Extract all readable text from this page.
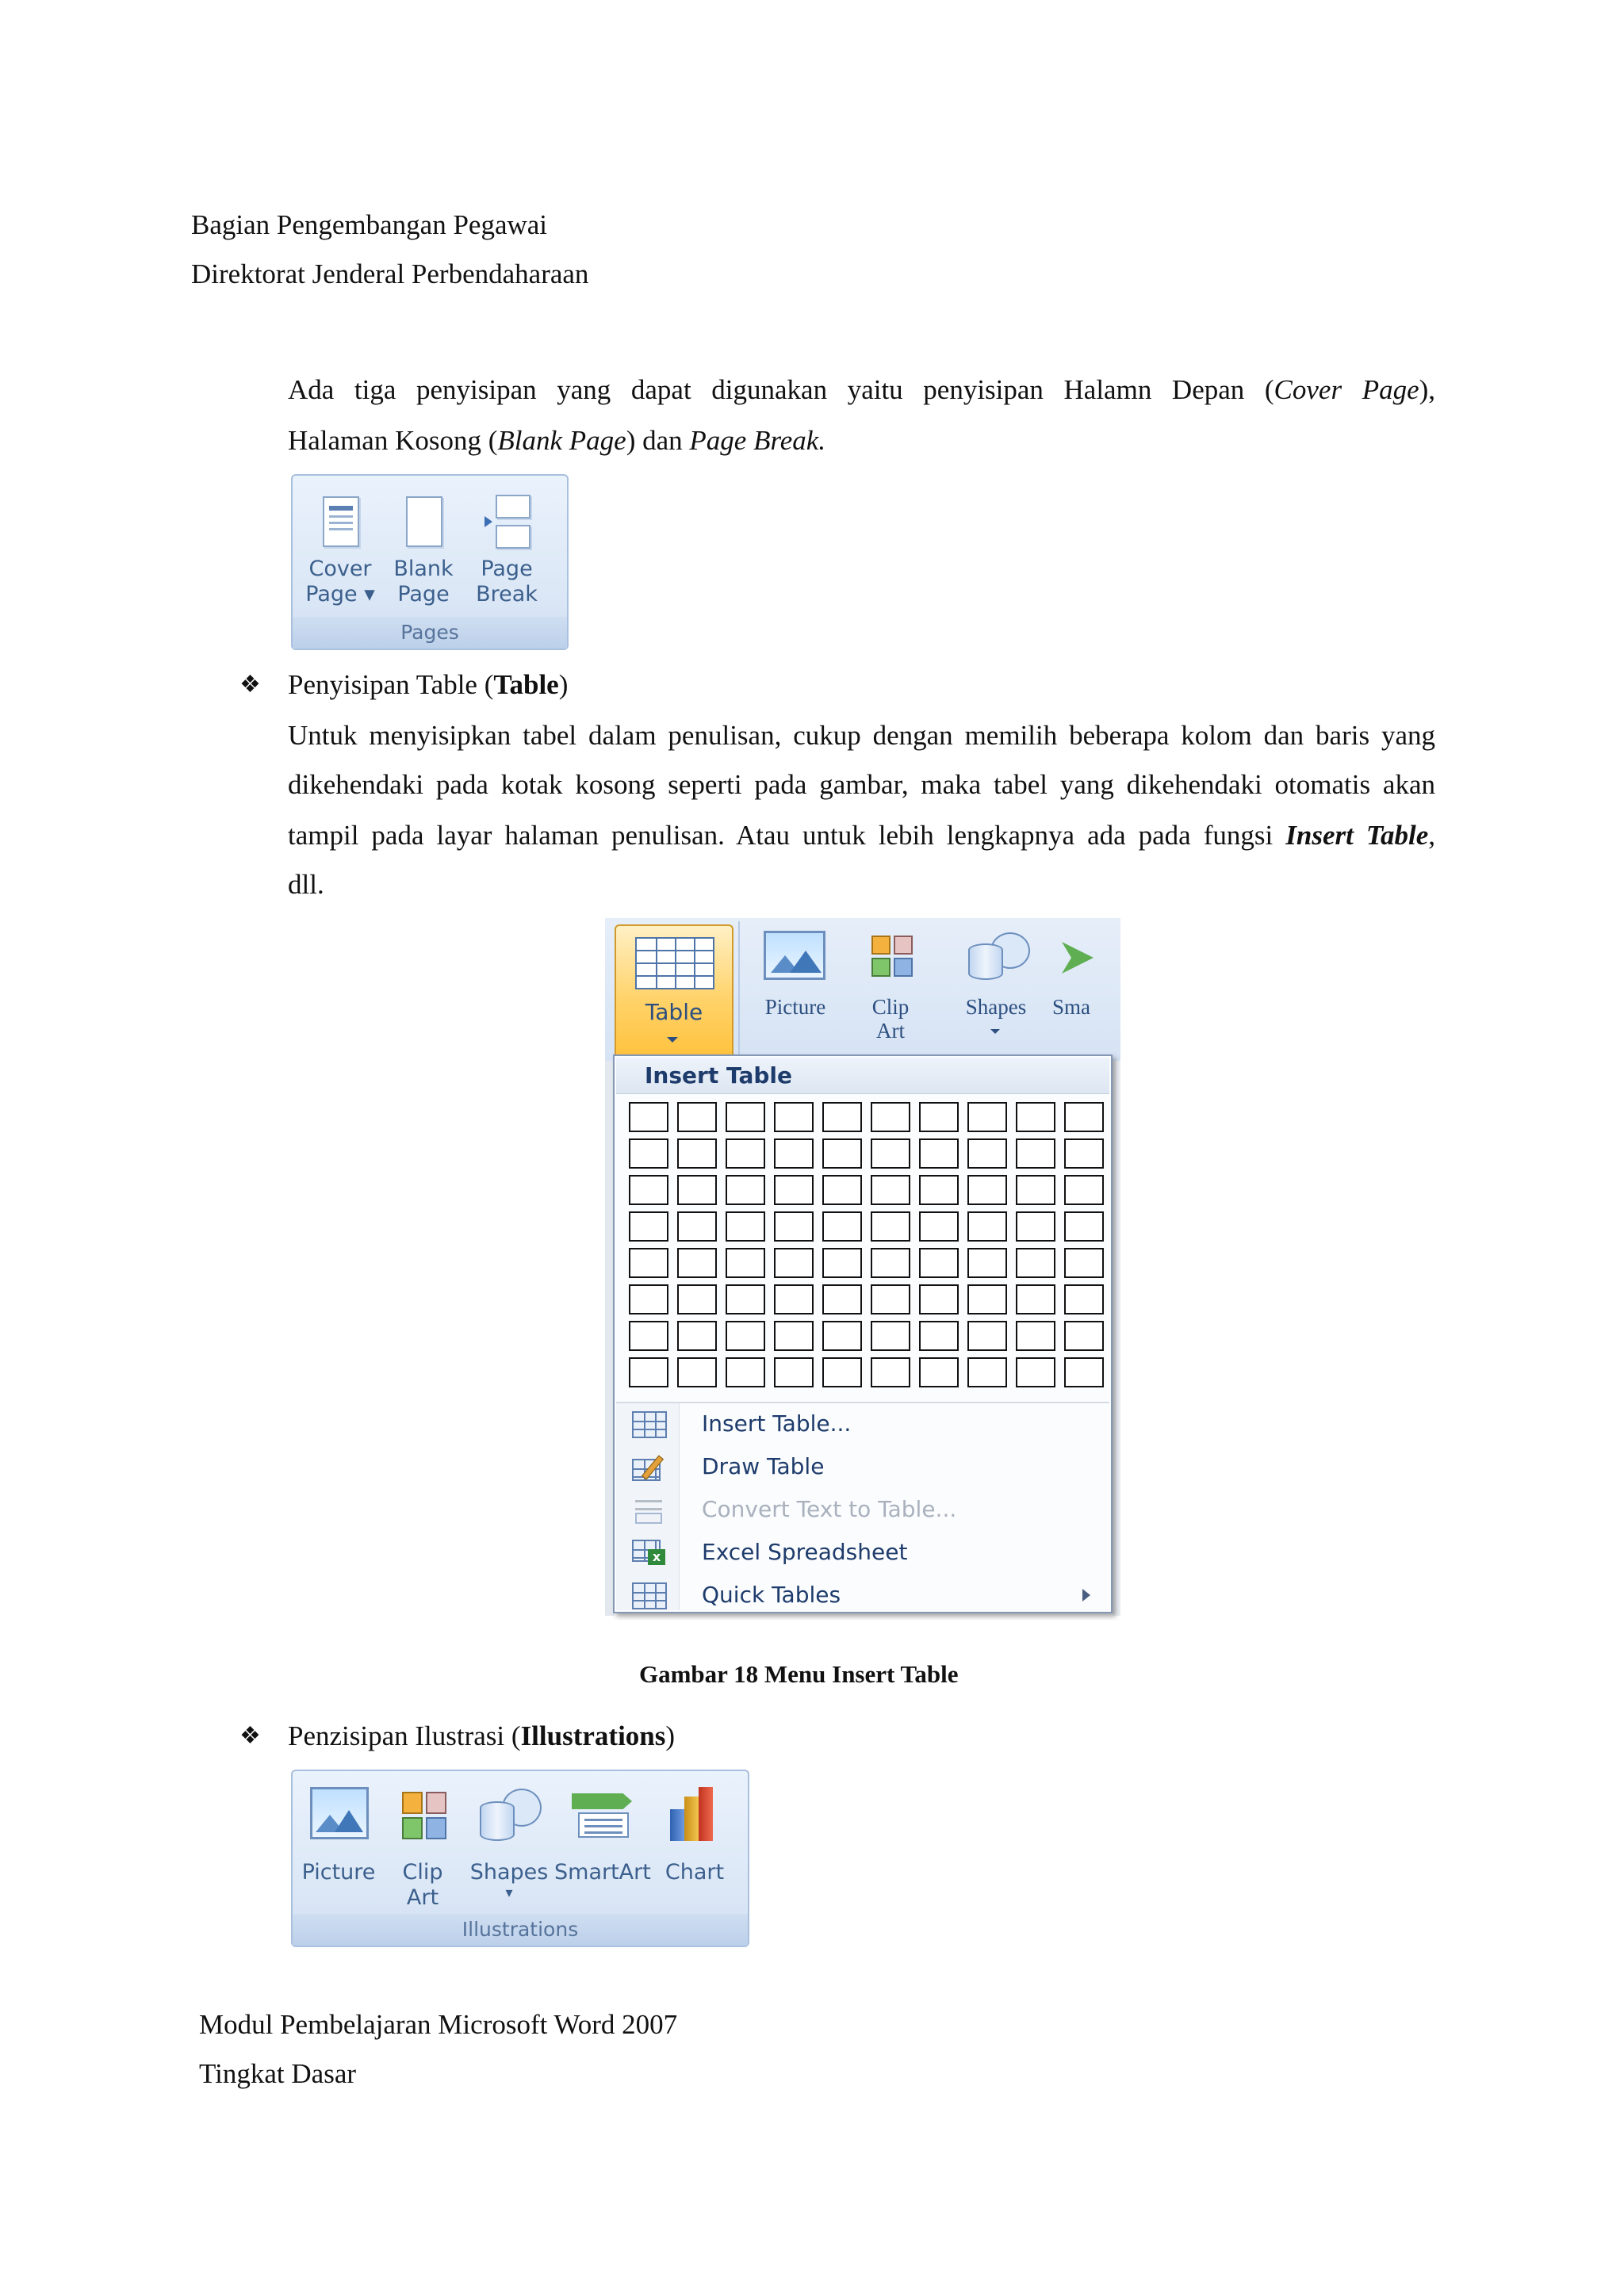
Bagian Pengembangan Pegawai
Direktorat Jenderal Perbendaharaan
Ada tiga penyisipan yang dapat digunakan yaitu penyisipan Halamn Depan (Cover Page),
Halaman Kosong (Blank Page) dan Page Break.
Cover
Page ▾
Blank
Page
Page
Break
Pages
❖ Penyisipan Table (Table)
Untuk menyisipkan tabel dalam penulisan, cukup dengan memilih beberapa kolom dan baris yang
dikehendaki pada kotak kosong seperti pada gambar, maka tabel yang dikehendaki otomatis akan
tampil pada layar halaman penulisan. Atau untuk lebih lengkapnya ada pada fungsi Insert Table,
dll.
Table	Picture	Clip
Art
Shapes	Sma
Insert Table
Insert Table...
Draw Table
Convert Text to Table...
x Excel Spreadsheet
Quick Tables
Gambar 18 Menu Insert Table
❖ Penzisipan Ilustrasi (Illustrations)
Picture	Clip
Art
Shapes
▾
SmartArt Chart
Illustrations
Modul Pembelajaran Microsoft Word 2007
Tingkat Dasar
